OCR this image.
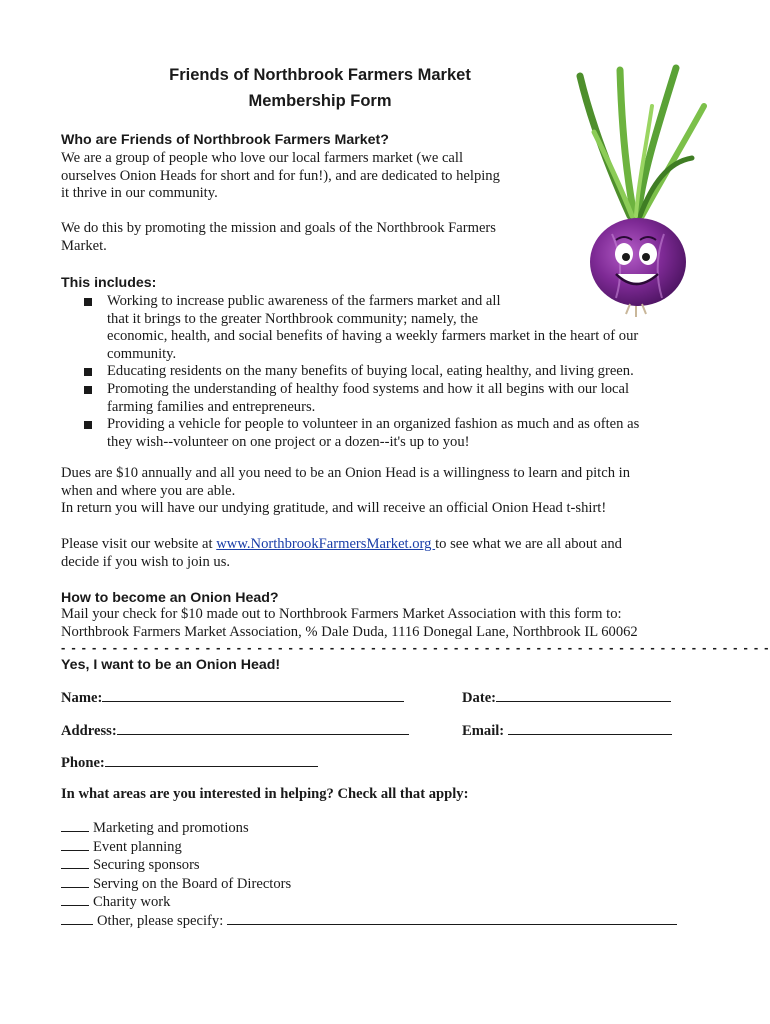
Friends of Northbrook Farmers Market
Membership Form
Who are Friends of Northbrook Farmers Market?
We are a group of people who love our local farmers market (we call
ourselves Onion Heads for short and for fun!), and are dedicated to helping
it thrive in our community.
We do this by promoting the mission and goals of the Northbrook Farmers
Market.
This includes:
Working to increase public awareness of the farmers market and all
that it brings to the greater Northbrook community; namely, the
economic, health, and social benefits of having a weekly farmers market in the heart of our
community.
Educating residents on the many benefits of buying local, eating healthy, and living green.
Promoting the understanding of healthy food systems and how it all begins with our local
farming families and entrepreneurs.
Providing a vehicle for people to volunteer in an organized fashion as much and as often as
they wish--volunteer on one project or a dozen--it's up to you!
Dues are $10 annually and all you need to be an Onion Head is a willingness to learn and pitch in
when and where you are able.
In return you will have our undying gratitude, and will receive an official Onion Head t-shirt!
Please visit our website at www.NorthbrookFarmersMarket.org to see what we are all about and
decide if you wish to join us.
How to become an Onion Head?
Mail your check for $10 made out to Northbrook Farmers Market Association with this form to:
Northbrook Farmers Market Association, % Dale Duda, 1116 Donegal Lane, Northbrook IL 60062
- - - - - - - - - - - - - - - - - - - - - - - - - - - - - - - - - - - - - - - - - - - - - - - - - - - - - - - - - - - - - - - - - - - - -
Yes, I want to be an Onion Head!
Name:	Date:
Address:	Email:
Phone:
In what areas are you interested in helping? Check all that apply:
Marketing and promotions
Event planning
Securing sponsors
Serving on the Board of Directors
Charity work
Other, please specify:
